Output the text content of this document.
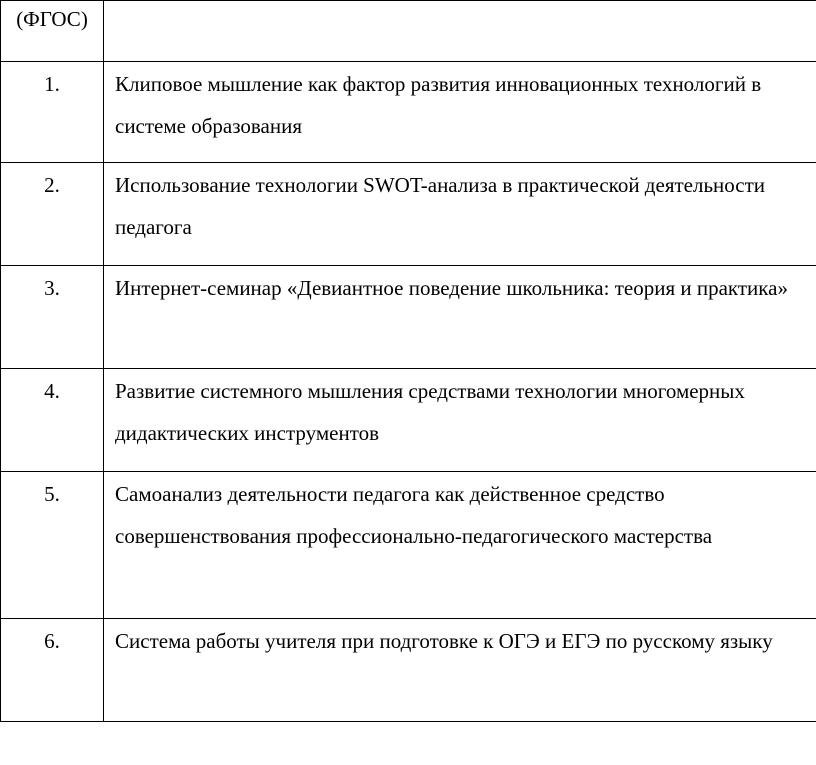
(ФГОС)	

1.	Клиповое мышление как фактор развития инновационных технологий в системе образования

2.	Использование технологии SWOT-анализа в практической деятельности педагога

3.	Интернет-семинар «Девиантное поведение школьника: теория и практика»

4.	Развитие системного мышления средствами технологии многомерных дидактических инструментов

5.	Самоанализ деятельности педагога как действенное средство совершенствования профессионально-педагогического мастерства

6.	Система работы учителя при подготовке к ОГЭ и ЕГЭ по русскому языку
